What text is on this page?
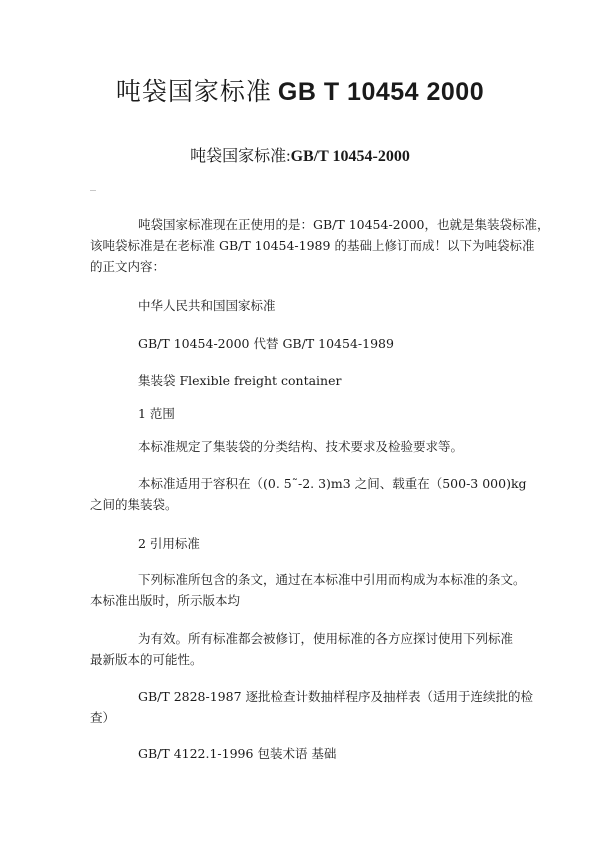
吨袋国家标准 GB T 10454 2000
吨袋国家标准:GB/T 10454-2000

吨袋国家标准现在正使用的是：GB/T 10454-2000，也就是集装袋标准，
该吨袋标准是在老标准 GB/T 10454-1989 的基础上修订而成！以下为吨袋标准
的正文内容：

中华人民共和国国家标准

GB/T 10454-2000 代替 GB/T 10454-1989

集装袋 Flexible freight container

1 范围

本标准规定了集装袋的分类结构、技术要求及检验要求等。

本标准适用于容积在（(0. 5˜-2. 3)m3 之间、载重在（500-3 000)kg
之间的集装袋。

2 引用标准

下列标准所包含的条文，通过在本标准中引用而构成为本标准的条文。
本标准出版时，所示版本均

为有效。所有标准都会被修订，使用标准的各方应探讨使用下列标准
最新版本的可能性。

GB/T 2828-1987 逐批检查计数抽样程序及抽样表（适用于连续批的检
查）

GB/T 4122.1-1996 包装术语 基础
